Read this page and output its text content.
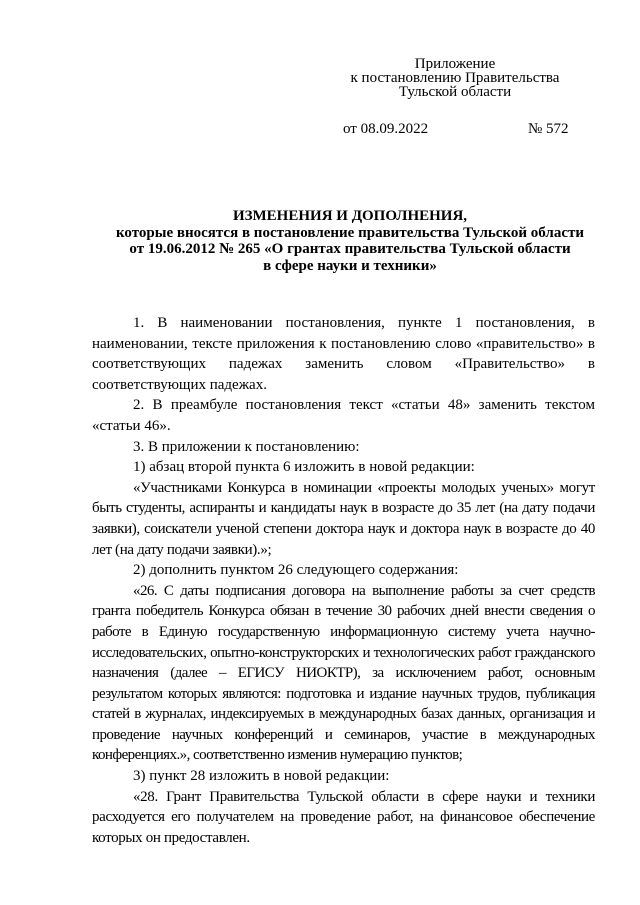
Приложение
к постановлению Правительства
Тульской области
от 08.09.2022	№ 572
ИЗМЕНЕНИЯ И ДОПОЛНЕНИЯ,
которые вносятся в постановление правительства Тульской области
от 19.06.2012 № 265 «О грантах правительства Тульской области
в сфере науки и техники»

1. В наименовании постановления, пункте 1 постановления, в наименовании, тексте приложения к постановлению слово «правительство» в соответствующих падежах заменить словом «Правительство» в соответствующих падежах.

2. В преамбуле постановления текст «статьи 48» заменить текстом «статьи 46».

3. В приложении к постановлению:

1) абзац второй пункта 6 изложить в новой редакции:

«Участниками Конкурса в номинации «проекты молодых ученых» могут быть студенты, аспиранты и кандидаты наук в возрасте до 35 лет (на дату подачи заявки), соискатели ученой степени доктора наук и доктора наук в возрасте до 40 лет (на дату подачи заявки).»;

2) дополнить пунктом 26 следующего содержания:

«26. С даты подписания договора на выполнение работы за счет средств гранта победитель Конкурса обязан в течение 30 рабочих дней внести сведения о работе в Единую государственную информационную систему учета научно-исследовательских, опытно-конструкторских и технологических работ гражданского назначения (далее – ЕГИСУ НИОКТР), за исключением работ, основным результатом которых являются: подготовка и издание научных трудов, публикация статей в журналах, индексируемых в международных базах данных, организация и проведение научных конференций и семинаров, участие в международных конференциях.», соответственно изменив нумерацию пунктов;

3) пункт 28 изложить в новой редакции:

«28. Грант Правительства Тульской области в сфере науки и техники расходуется его получателем на проведение работ, на финансовое обеспечение которых он предоставлен.
